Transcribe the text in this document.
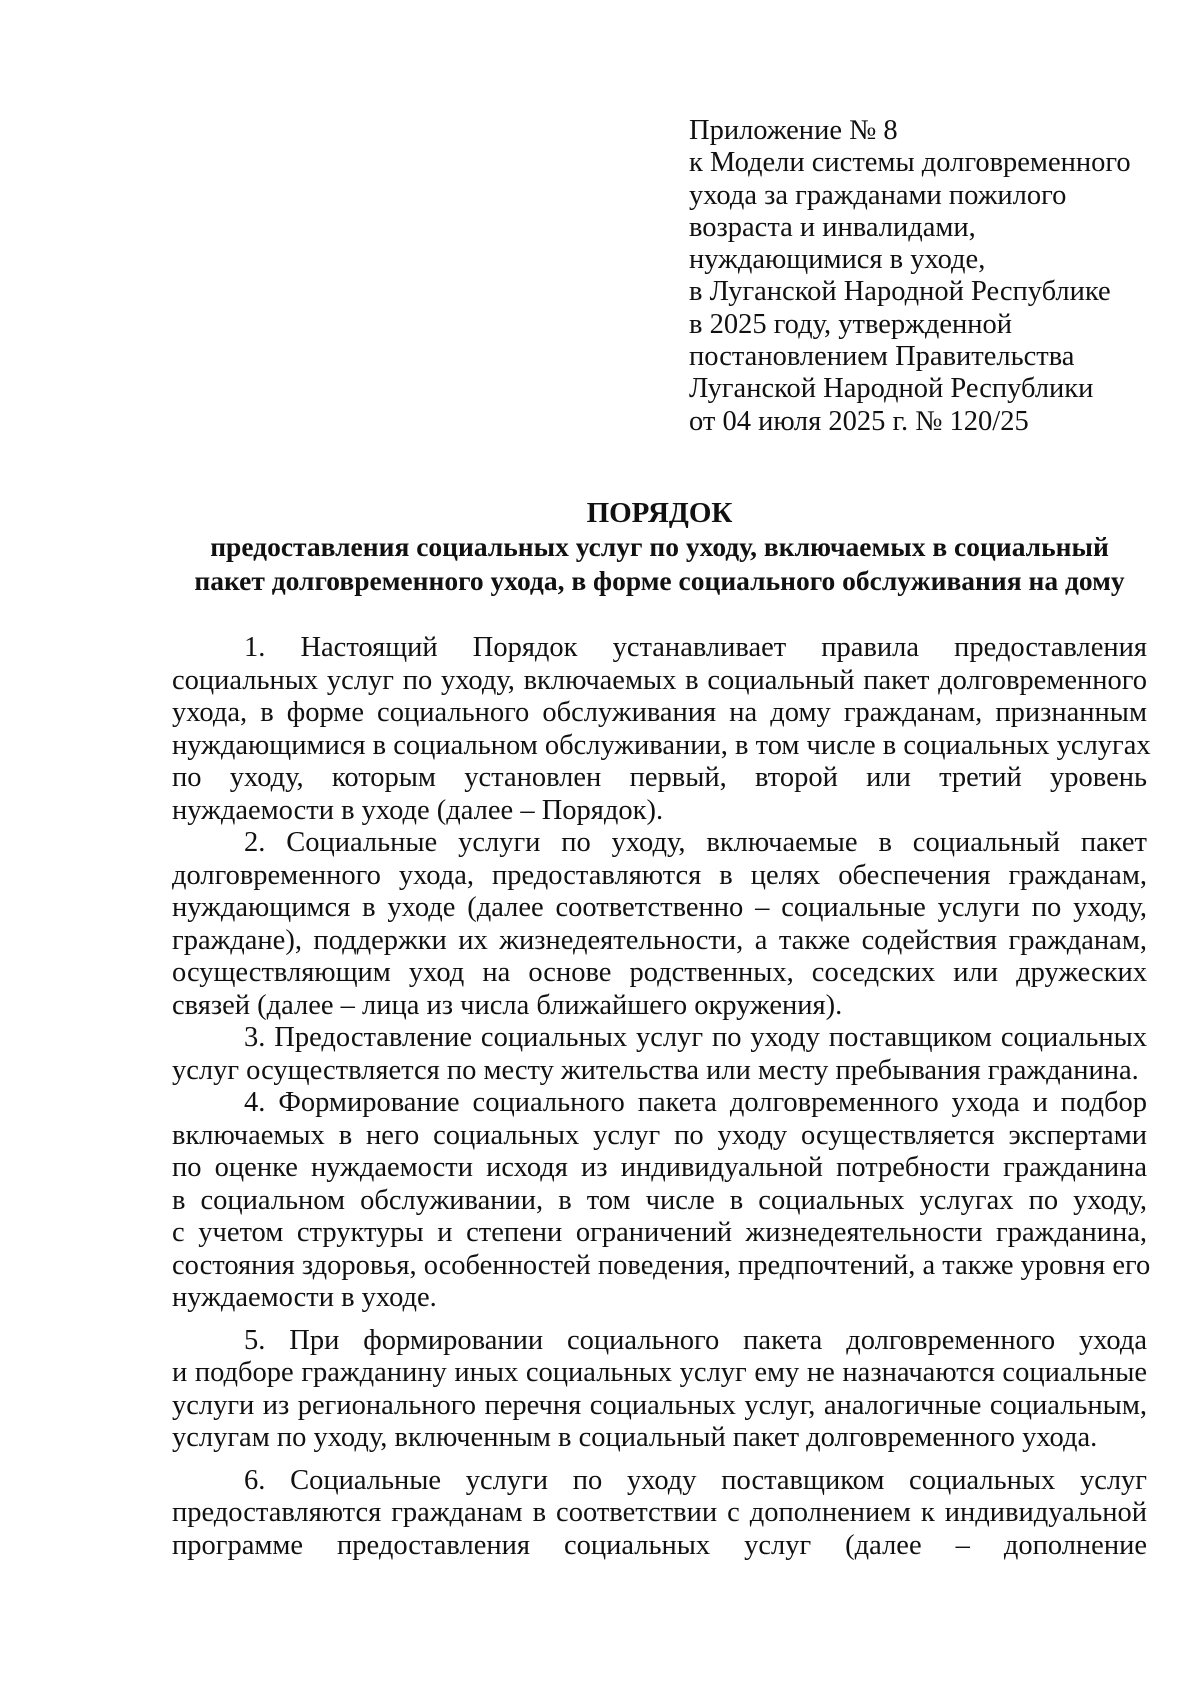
Приложение № 8
к Модели системы долговременного
ухода за гражданами пожилого
возраста и инвалидами,
нуждающимися в уходе,
в Луганской Народной Республике
в 2025 году, утвержденной
постановлением Правительства
Луганской Народной Республики
от 04 июля 2025 г. № 120/25
ПОРЯДОК
предоставления социальных услуг по уходу, включаемых в социальный
пакет долговременного ухода, в форме социального обслуживания на дому
1. Настоящий Порядок устанавливает правила предоставления
социальных услуг по уходу, включаемых в социальный пакет долговременного
ухода, в форме социального обслуживания на дому гражданам, признанным
нуждающимися в социальном обслуживании, в том числе в социальных услугах
по уходу, которым установлен первый, второй или третий уровень
нуждаемости в уходе (далее – Порядок).
2. Социальные услуги по уходу, включаемые в социальный пакет
долговременного ухода, предоставляются в целях обеспечения гражданам,
нуждающимся в уходе (далее соответственно – социальные услуги по уходу,
граждане), поддержки их жизнедеятельности, а также содействия гражданам,
осуществляющим уход на основе родственных, соседских или дружеских
связей (далее – лица из числа ближайшего окружения).
3. Предоставление социальных услуг по уходу поставщиком социальных
услуг осуществляется по месту жительства или месту пребывания гражданина.
4. Формирование социального пакета долговременного ухода и подбор
включаемых в него социальных услуг по уходу осуществляется экспертами
по оценке нуждаемости исходя из индивидуальной потребности гражданина
в социальном обслуживании, в том числе в социальных услугах по уходу,
с учетом структуры и степени ограничений жизнедеятельности гражданина,
состояния здоровья, особенностей поведения, предпочтений, а также уровня его
нуждаемости в уходе.
5. При формировании социального пакета долговременного ухода
и подборе гражданину иных социальных услуг ему не назначаются социальные
услуги из регионального перечня социальных услуг, аналогичные социальным,
услугам по уходу, включенным в социальный пакет долговременного ухода.
6. Социальные услуги по уходу поставщиком социальных услуг
предоставляются гражданам в соответствии с дополнением к индивидуальной
программе предоставления социальных услуг (далее – дополнение
